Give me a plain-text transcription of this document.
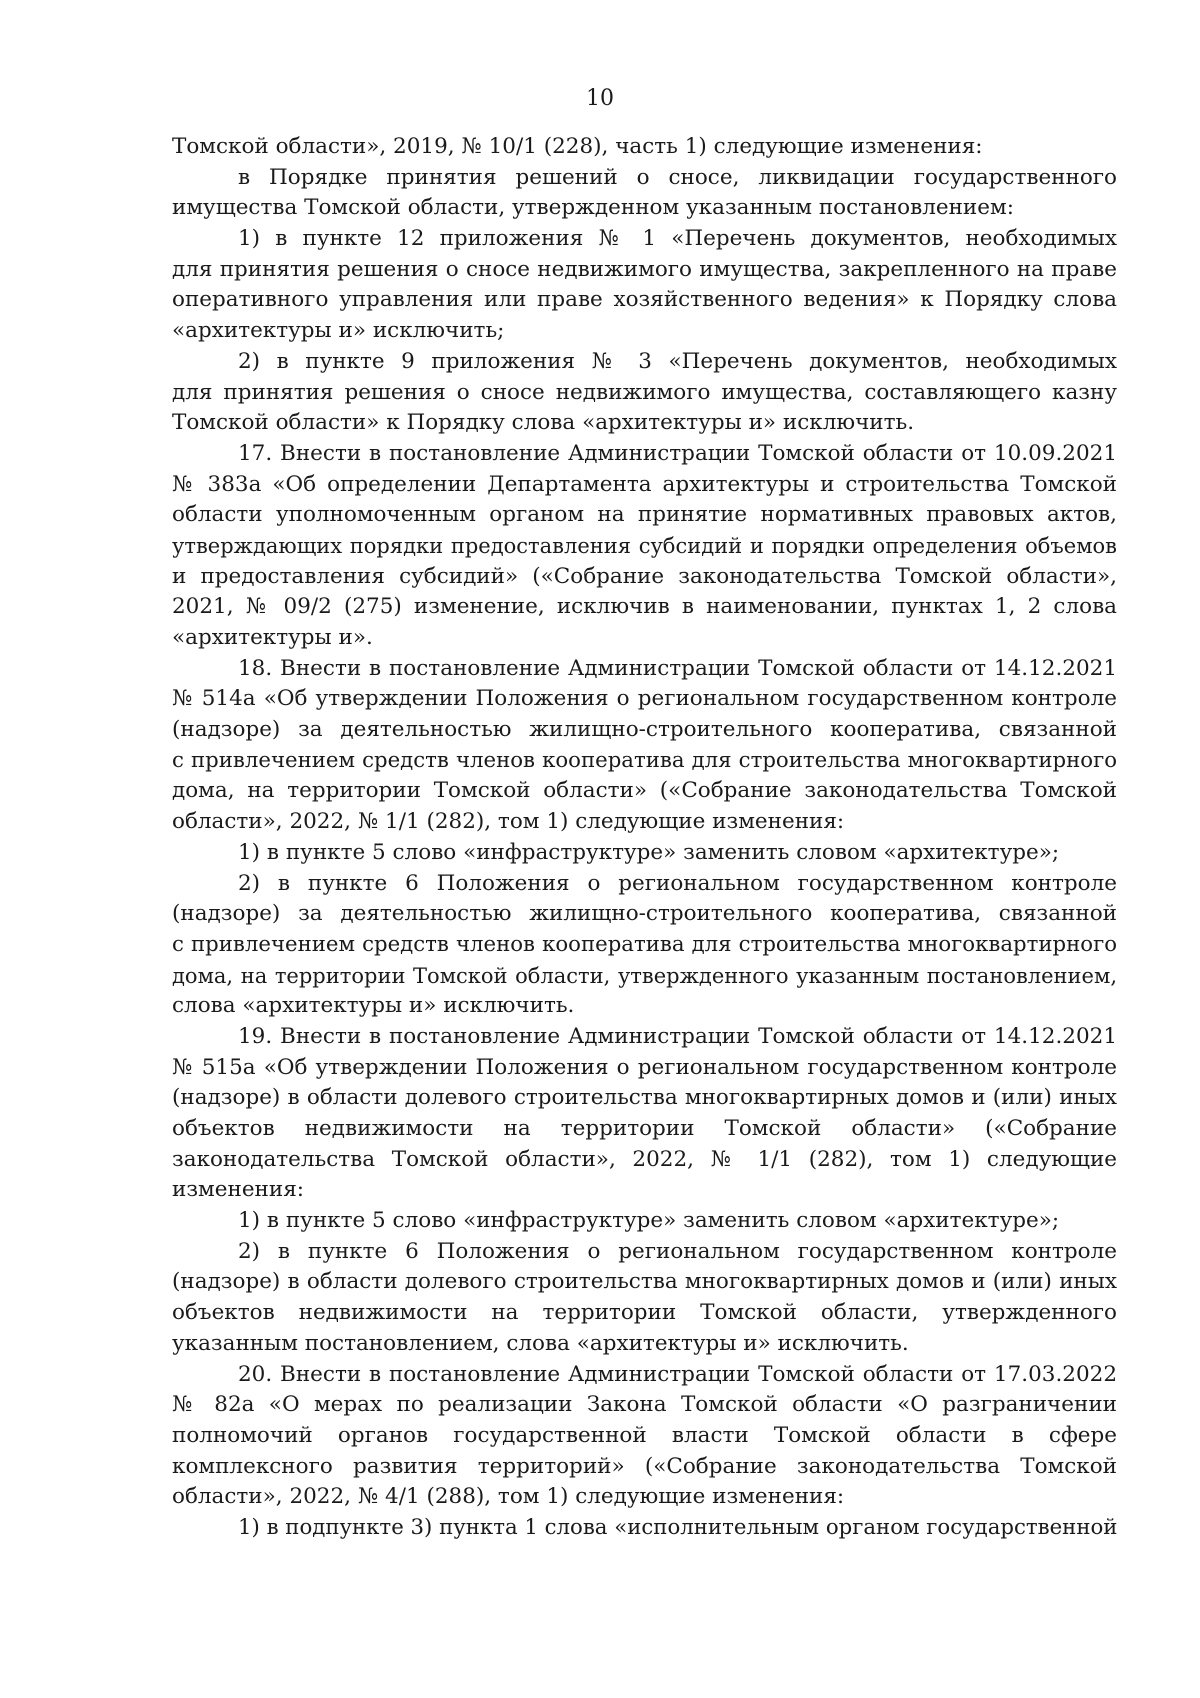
10
Томской области», 2019, № 10/1 (228), часть 1) следующие изменения:
в Порядке принятия решений о сносе, ликвидации государственного
имущества Томской области, утвержденном указанным постановлением:
1) в пункте 12 приложения № 1 «Перечень документов, необходимых
для принятия решения о сносе недвижимого имущества, закрепленного на праве
оперативного управления или праве хозяйственного ведения» к Порядку слова
«архитектуры и» исключить;
2) в пункте 9 приложения № 3 «Перечень документов, необходимых
для принятия решения о сносе недвижимого имущества, составляющего казну
Томской области» к Порядку слова «архитектуры и» исключить.
17. Внести в постановление Администрации Томской области от 10.09.2021
№ 383а «Об определении Департамента архитектуры и строительства Томской
области уполномоченным органом на принятие нормативных правовых актов,
утверждающих порядки предоставления субсидий и порядки определения объемов
и предоставления субсидий» («Собрание законодательства Томской области»,
2021, № 09/2 (275) изменение, исключив в наименовании, пунктах 1, 2 слова
«архитектуры и».
18. Внести в постановление Администрации Томской области от 14.12.2021
№ 514а «Об утверждении Положения о региональном государственном контроле
(надзоре) за деятельностью жилищно-строительного кооператива, связанной
с привлечением средств членов кооператива для строительства многоквартирного
дома, на территории Томской области» («Собрание законодательства Томской
области», 2022, № 1/1 (282), том 1) следующие изменения:
1) в пункте 5 слово «инфраструктуре» заменить словом «архитектуре»;
2) в пункте 6 Положения о региональном государственном контроле
(надзоре) за деятельностью жилищно-строительного кооператива, связанной
с привлечением средств членов кооператива для строительства многоквартирного
дома, на территории Томской области, утвержденного указанным постановлением,
слова «архитектуры и» исключить.
19. Внести в постановление Администрации Томской области от 14.12.2021
№ 515а «Об утверждении Положения о региональном государственном контроле
(надзоре) в области долевого строительства многоквартирных домов и (или) иных
объектов недвижимости на территории Томской области» («Собрание
законодательства Томской области», 2022, № 1/1 (282), том 1) следующие
изменения:
1) в пункте 5 слово «инфраструктуре» заменить словом «архитектуре»;
2) в пункте 6 Положения о региональном государственном контроле
(надзоре) в области долевого строительства многоквартирных домов и (или) иных
объектов недвижимости на территории Томской области, утвержденного
указанным постановлением, слова «архитектуры и» исключить.
20. Внести в постановление Администрации Томской области от 17.03.2022
№ 82а «О мерах по реализации Закона Томской области «О разграничении
полномочий органов государственной власти Томской области в сфере
комплексного развития территорий» («Собрание законодательства Томской
области», 2022, № 4/1 (288), том 1) следующие изменения:
1) в подпункте 3) пункта 1 слова «исполнительным органом государственной
